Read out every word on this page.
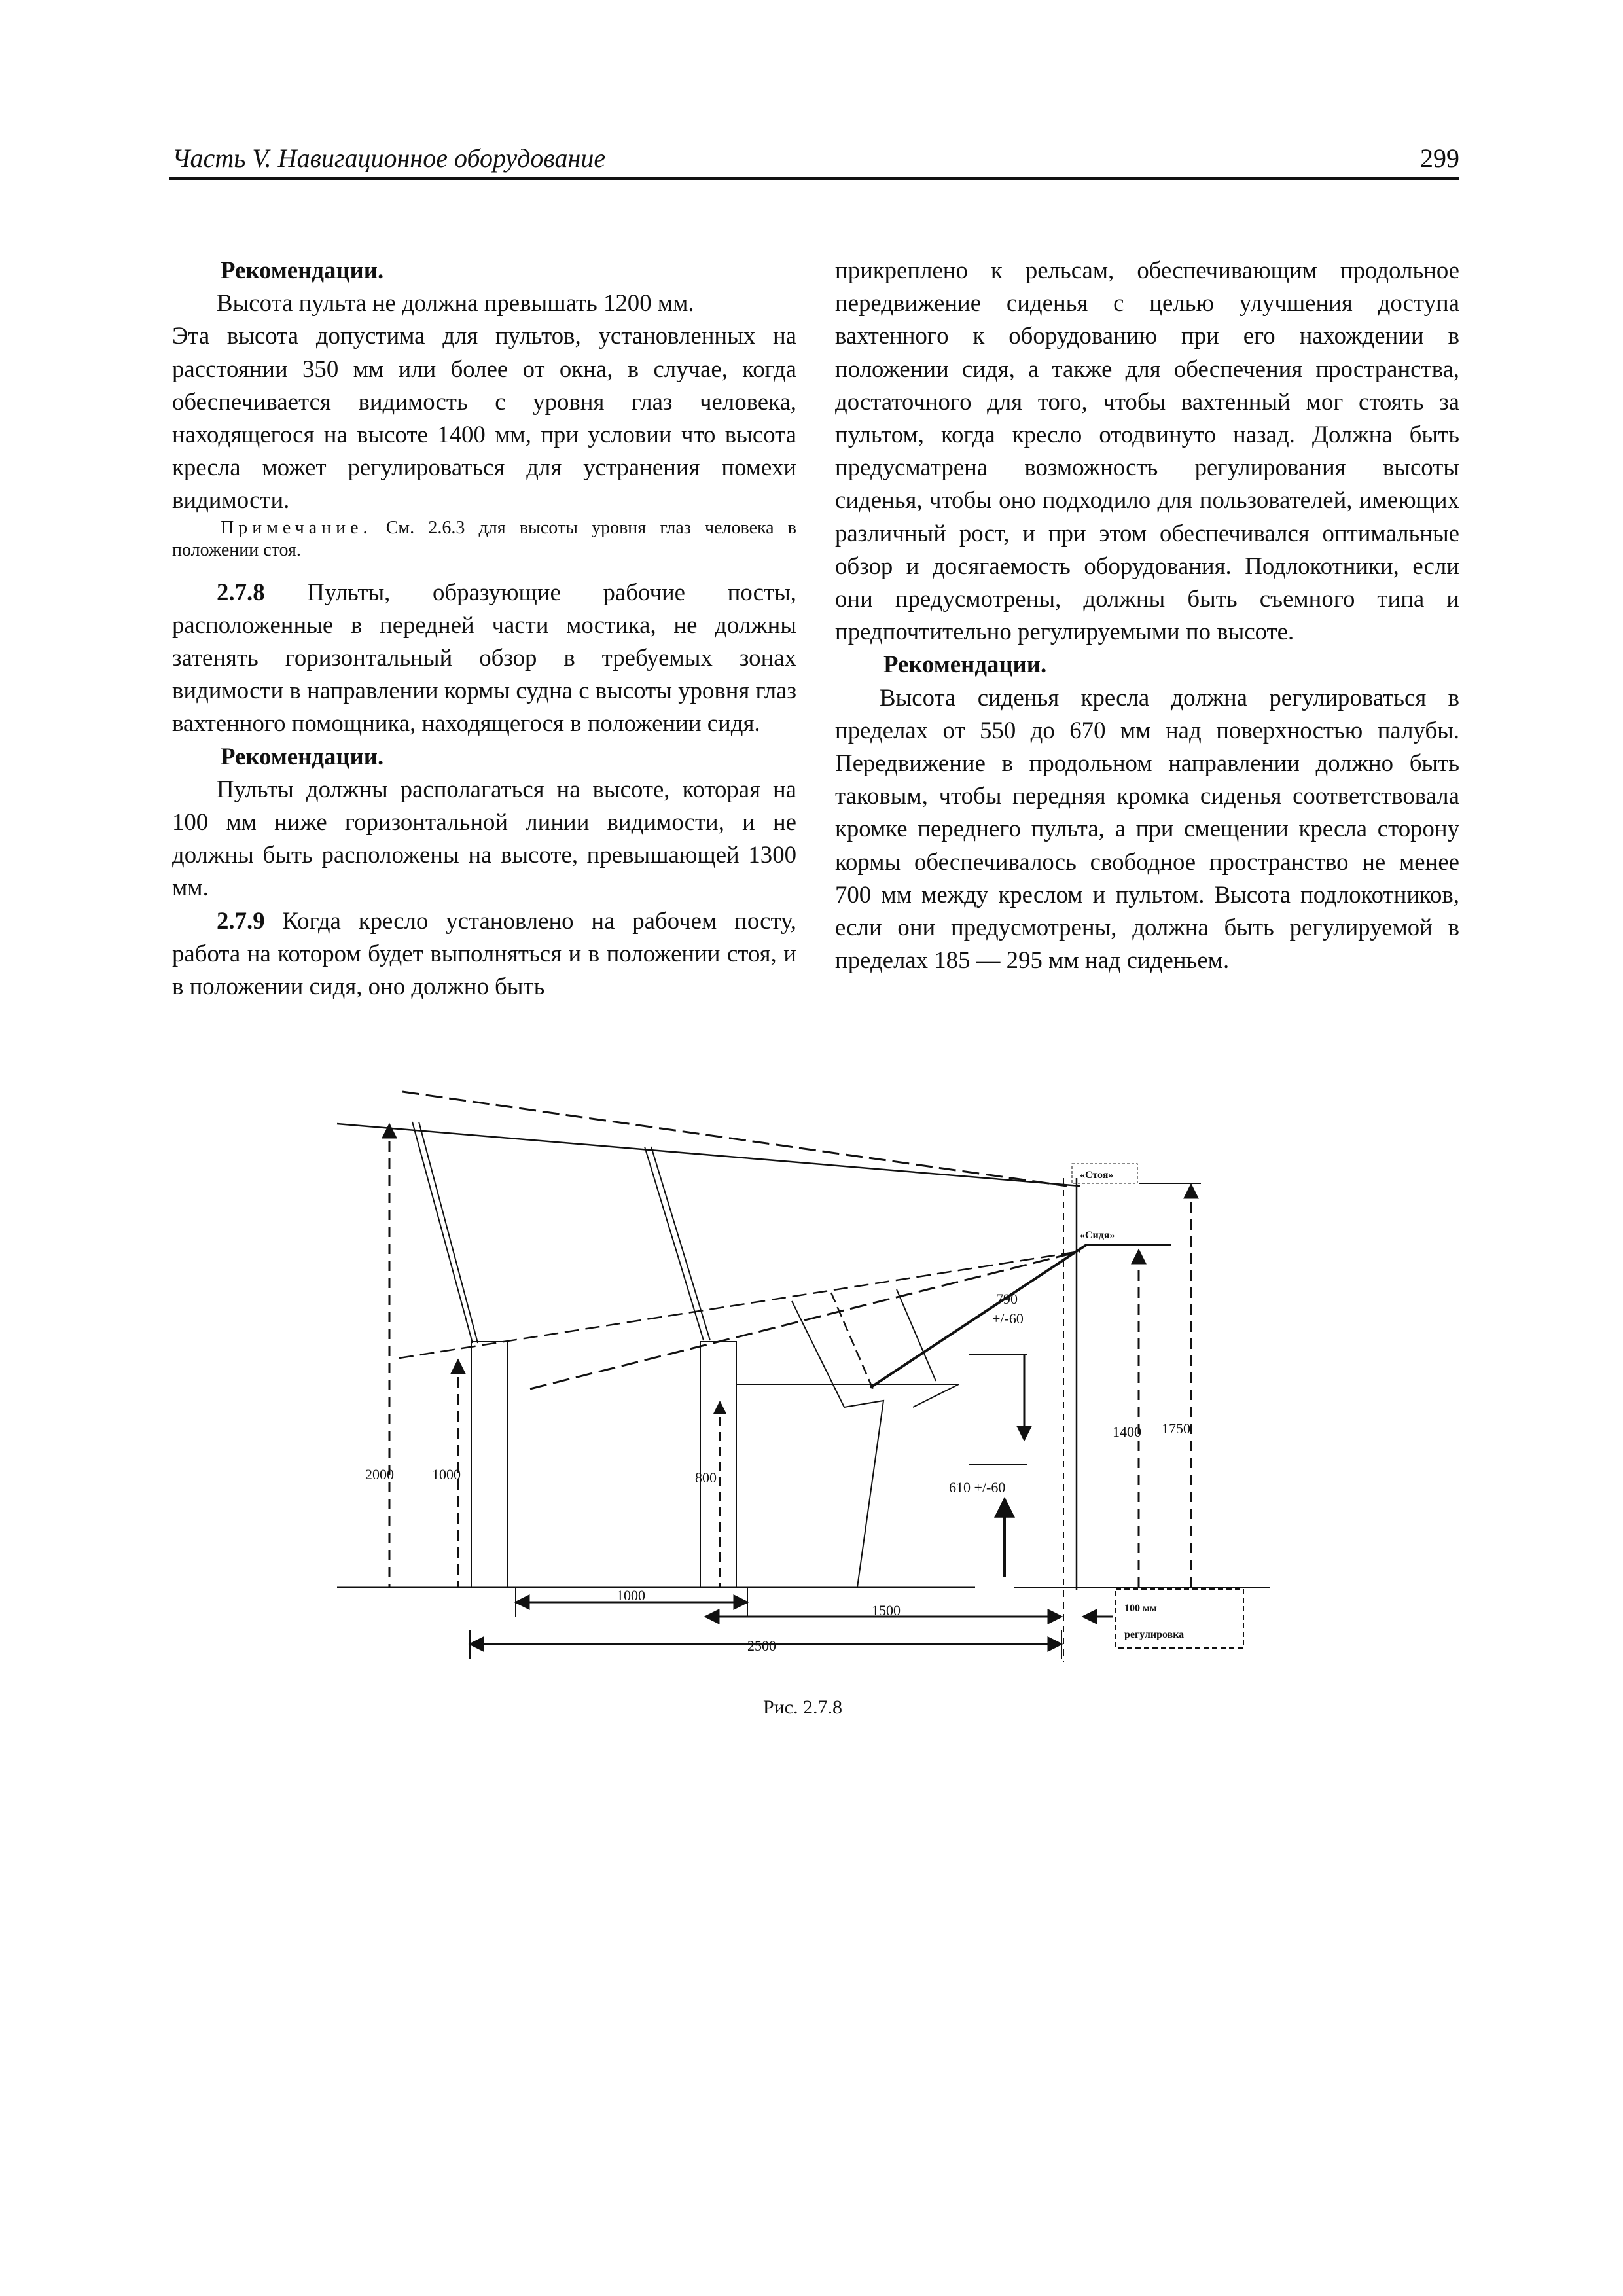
Часть V. Навигационное оборудование	299

Рекомендации.

Высота пульта не должна превышать 1200 мм.

Эта высота допустима для пультов, установленных на расстоянии 350 мм или более от окна, в случае, когда обеспечивается видимость с уровня глаз человека, находящегося на высоте 1400 мм, при условии что высота кресла может регулироваться для устранения помехи видимости.

Примечание. См. 2.6.3 для высоты уровня глаз человека в положении стоя.

2.7.8 Пульты, образующие рабочие посты, расположенные в передней части мостика, не должны затенять горизонтальный обзор в требуемых зонах видимости в направлении кормы судна с высоты уровня глаз вахтенного помощника, находящегося в положении сидя.

Рекомендации.

Пульты должны располагаться на высоте, которая на 100 мм ниже горизонтальной линии видимости, и не должны быть расположены на высоте, превышающей 1300 мм.

2.7.9 Когда кресло установлено на рабочем посту, работа на котором будет выполняться и в положении стоя, и в положении сидя, оно должно быть

прикреплено к рельсам, обеспечивающим продольное передвижение сиденья с целью улучшения доступа вахтенного к оборудованию при его нахождении в положении сидя, а также для обеспечения пространства, достаточного для того, чтобы вахтенный мог стоять за пультом, когда кресло отодвинуто назад. Должна быть предусматрена возможность регулирования высоты сиденья, чтобы оно подходило для пользователей, имеющих различный рост, и при этом обеспечивался оптимальные обзор и досягаемость оборудования. Подлокотники, если они предусмотрены, должны быть съемного типа и предпочтительно регулируемыми по высоте.

Рекомендации.

Высота сиденья кресла должна регулироваться в пределах от 550 до 670 мм над поверхностью палубы. Передвижение в продольном направлении должно быть таковым, чтобы передняя кромка сиденья соответствовала кромке переднего пульта, а при смещении кресла сторону кормы обеспечивалось свободное пространство не менее 700 мм между креслом и пультом. Высота подлокотников, если они предусмотрены, должна быть регулируемой в пределах 185 — 295 мм над сиденьем.

«Стоя»
«Сидя»
2000	1000	800
790
+/-60
610 +/-60
1400 1750
1000
1500
2500
100 мм
регулировка
Рис. 2.7.8
